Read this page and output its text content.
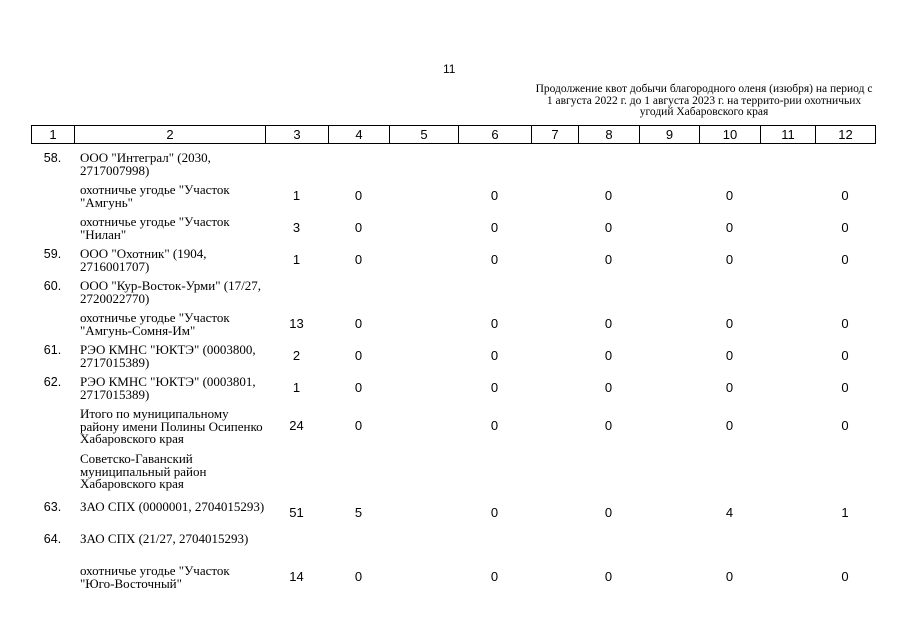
11
Продолжение квот добычи благородного оленя (изюбря) на период с 1 августа 2022 г. до 1 августа 2023 г. на террито-рии охотничьих угодий Хабаровского края
1	2	3	4	5	6	7	8	9	10	11	12
58.	ООО "Интеграл" (2030, 2717007998)										
	охотничье угодье "Участок "Амгунь"	1	0		0		0		0		0
	охотничье угодье "Участок "Нилан"	3	0		0		0		0		0
59.	ООО "Охотник" (1904, 2716001707)	1	0		0		0		0		0
60.	ООО "Кур-Восток-Урми" (17/27, 2720022770)										
	охотничье угодье "Участок "Амгунь-Сомня-Им"	13	0		0		0		0		0
61.	РЭО КМНС "ЮКТЭ" (0003800, 2717015389)	2	0		0		0		0		0
62.	РЭО КМНС "ЮКТЭ" (0003801, 2717015389)	1	0		0		0		0		0
	Итого по муниципальному району имени Полины Осипенко Хабаровского края	24	0		0		0		0		0
	Советско-Гаванский муниципальный район Хабаровского края										
63.	ЗАО СПХ (0000001, 2704015293)	51	5		0		0		4		1
64.	ЗАО СПХ (21/27, 2704015293)										
	охотничье угодье "Участок "Юго-Восточный"	14	0		0		0		0		0
